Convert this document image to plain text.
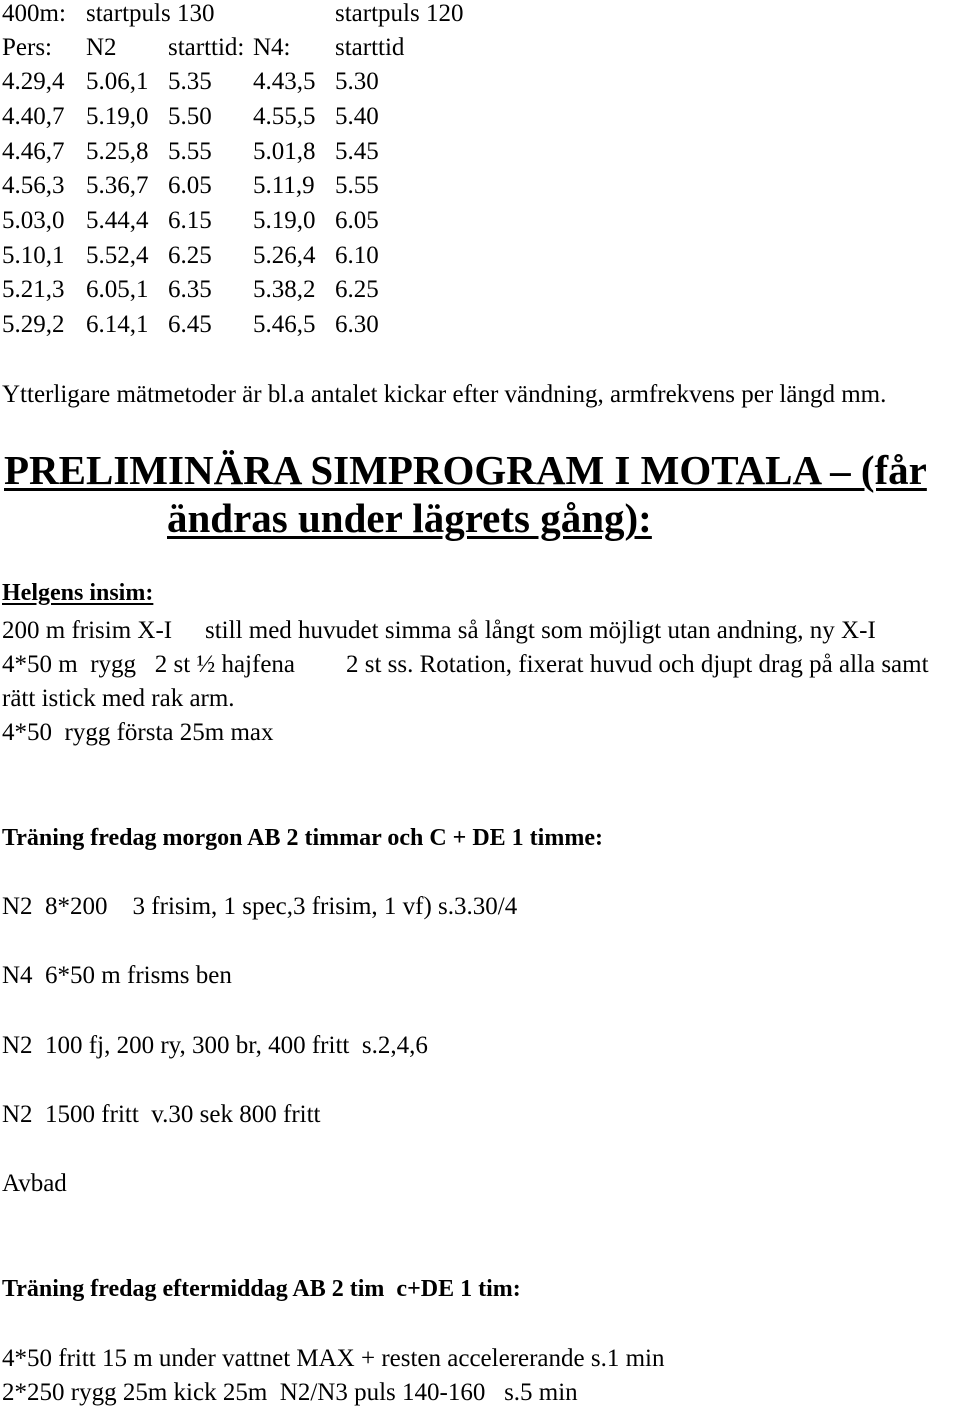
400m: startpuls 130	startpuls 120
Pers: N2 starttid: N4: starttid
4.29,4 5.06,1 5.35 4.43,5 5.30
4.40,7 5.19,0 5.50 4.55,5 5.40
4.46,7 5.25,8 5.55 5.01,8 5.45
4.56,3 5.36,7 6.05 5.11,9 5.55
5.03,0 5.44,4 6.15 5.19,0 6.05
5.10,1 5.52,4 6.25 5.26,4 6.10
5.21,3 6.05,1 6.35 5.38,2 6.25
5.29,2 6.14,1 6.45 5.46,5 6.30
Ytterligare mätmetoder är bl.a antalet kickar efter vändning, armfrekvens per längd mm.
PRELIMINÄRA SIMPROGRAM I MOTALA – (får
ändras under lägrets gång):
Helgens insim:
200 m frisim X-I still med huvudet simma så långt som möjligt utan andning, ny X-I
4*50 m  rygg   2 st ½ hajfena 2 st ss. Rotation, fixerat huvud och djupt drag på alla samt
rätt istick med rak arm.
4*50  rygg första 25m max
Träning fredag morgon AB 2 timmar och C + DE 1 timme:
N2  8*200    3 frisim, 1 spec,3 frisim, 1 vf) s.3.30/4
N4  6*50 m frisms ben
N2  100 fj, 200 ry, 300 br, 400 fritt  s.2,4,6
N2  1500 fritt  v.30 sek 800 fritt
Avbad
Träning fredag eftermiddag AB 2 tim  c+DE 1 tim:
4*50 fritt 15 m under vattnet MAX + resten accelererande s.1 min
2*250 rygg 25m kick 25m  N2/N3 puls 140-160   s.5 min
